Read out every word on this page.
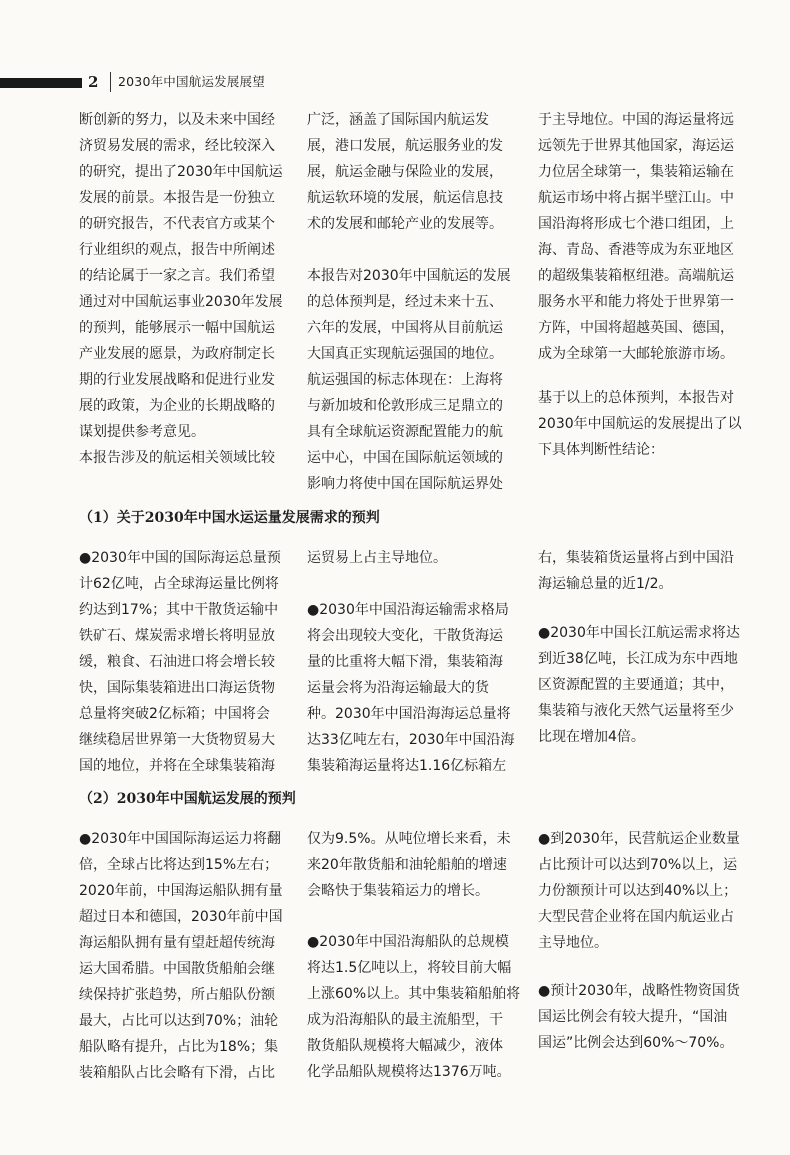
2 2030年中国航运发展展望
断创新的努力，以及未来中国经
济贸易发展的需求，经比较深入
的研究，提出了2030年中国航运
发展的前景。本报告是一份独立
的研究报告，不代表官方或某个
行业组织的观点，报告中所阐述
的结论属于一家之言。我们希望
通过对中国航运事业2030年发展
的预判，能够展示一幅中国航运
产业发展的愿景，为政府制定长
期的行业发展战略和促进行业发
展的政策，为企业的长期战略的
谋划提供参考意见。
本报告涉及的航运相关领域比较
广泛，涵盖了国际国内航运发
展，港口发展，航运服务业的发
展，航运金融与保险业的发展，
航运软环境的发展，航运信息技
术的发展和邮轮产业的发展等。
本报告对2030年中国航运的发展
的总体预判是，经过未来十五、
六年的发展，中国将从目前航运
大国真正实现航运强国的地位。
航运强国的标志体现在：上海将
与新加坡和伦敦形成三足鼎立的
具有全球航运资源配置能力的航
运中心，中国在国际航运领域的
影响力将使中国在国际航运界处
于主导地位。中国的海运量将远
远领先于世界其他国家，海运运
力位居全球第一，集装箱运输在
航运市场中将占据半壁江山。中
国沿海将形成七个港口组团，上
海、青岛、香港等成为东亚地区
的超级集装箱枢纽港。高端航运
服务水平和能力将处于世界第一
方阵，中国将超越英国、德国，
成为全球第一大邮轮旅游市场。
基于以上的总体预判，本报告对
2030年中国航运的发展提出了以
下具体判断性结论：
（1）关于2030年中国水运运量发展需求的预判
●2030年中国的国际海运总量预
计62亿吨，占全球海运量比例将
约达到17%；其中干散货运输中
铁矿石、煤炭需求增长将明显放
缓，粮食、石油进口将会增长较
快，国际集装箱进出口海运货物
总量将突破2亿标箱；中国将会
继续稳居世界第一大货物贸易大
国的地位，并将在全球集装箱海
运贸易上占主导地位。
●2030年中国沿海运输需求格局
将会出现较大变化，干散货海运
量的比重将大幅下滑，集装箱海
运量会将为沿海运输最大的货
种。2030年中国沿海海运总量将
达33亿吨左右，2030年中国沿海
集装箱海运量将达1.16亿标箱左
右，集装箱货运量将占到中国沿
海运输总量的近1/2。
●2030年中国长江航运需求将达
到近38亿吨，长江成为东中西地
区资源配置的主要通道；其中，
集装箱与液化天然气运量将至少
比现在增加4倍。
（2）2030年中国航运发展的预判
●2030年中国国际海运运力将翻
倍，全球占比将达到15%左右；
2020年前，中国海运船队拥有量
超过日本和德国，2030年前中国
海运船队拥有量有望赶超传统海
运大国希腊。中国散货船舶会继
续保持扩张趋势，所占船队份额
最大，占比可以达到70%；油轮
船队略有提升，占比为18%；集
装箱船队占比会略有下滑，占比
仅为9.5%。从吨位增长来看，未
来20年散货船和油轮船舶的增速
会略快于集装箱运力的增长。
●2030年中国沿海船队的总规模
将达1.5亿吨以上，将较目前大幅
上涨60%以上。其中集装箱船舶将
成为沿海船队的最主流船型，干
散货船队规模将大幅减少，液体
化学品船队规模将达1376万吨。
●到2030年，民营航运企业数量
占比预计可以达到70%以上，运
力份额预计可以达到40%以上；
大型民营企业将在国内航运业占
主导地位。
●预计2030年，战略性物资国货
国运比例会有较大提升，“国油
国运”比例会达到60%～70%。
